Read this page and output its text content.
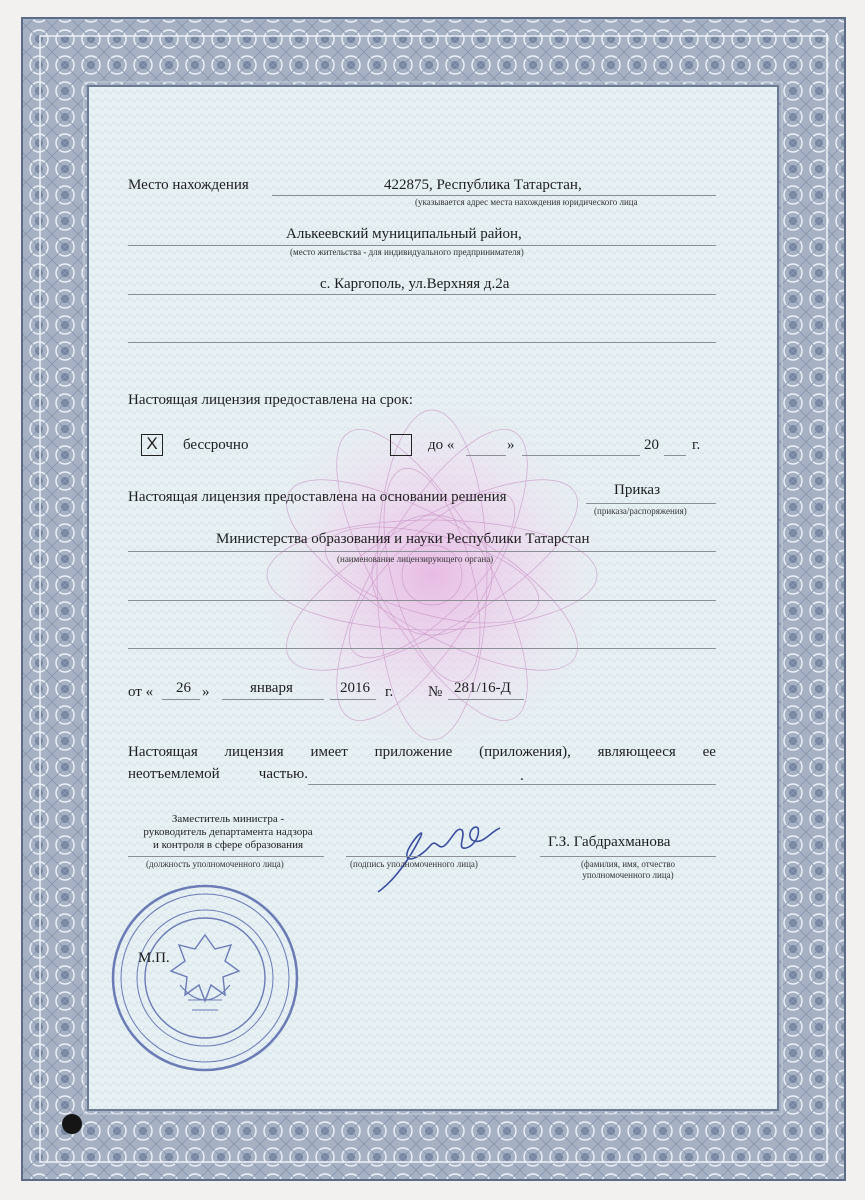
Место нахождения	422875, Республика Татарстан,
(указывается адрес места нахождения юридического лица
Алькеевский муниципальный район,
(место жительства - для индивидуального предпринимателя)
с. Каргополь, ул.Верхняя д.2а
Настоящая лицензия предоставлена на срок:
X бессрочно	до «	»	20 г.
Настоящая лицензия предоставлена на основании решения	Приказ
(приказа/распоряжения)
Министерства образования и науки Республики Татарстан
(наименование лицензирующего органа)
от « 26 »	января	2016 г. № 281/16-Д
Настоящая лицензия имеет приложение (приложения), являющееся ее
неотъемлемой	частью.	.
Заместитель министра -
руководитель департамента надзора
и контроля в сфере образования
(должность уполномоченного лица)	(подпись уполномоченного лица)
Г.З. Габдрахманова
(фамилия, имя, отчество
уполномоченного лица)
М.П.
